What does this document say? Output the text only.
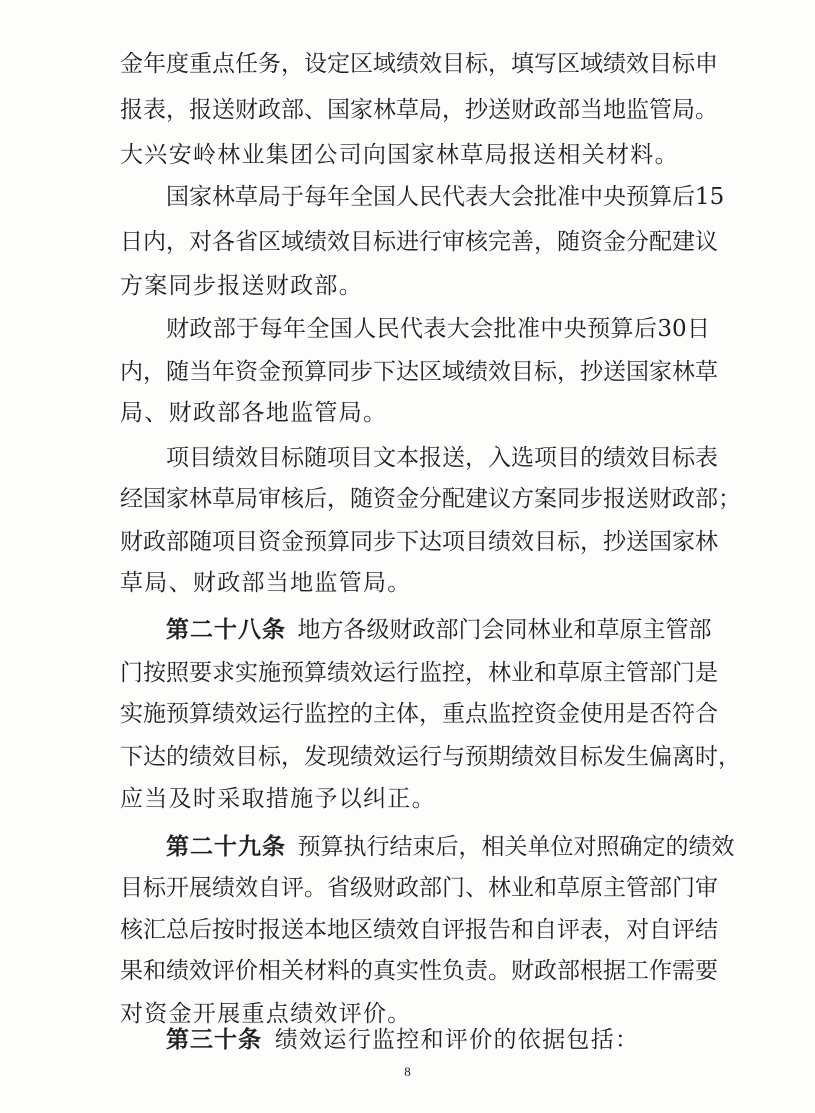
金年度重点任务，设定区域绩效目标，填写区域绩效目标申
报表，报送财政部、国家林草局，抄送财政部当地监管局。
大兴安岭林业集团公司向国家林草局报送相关材料。
国家林草局于每年全国人民代表大会批准中央预算后15
日内，对各省区域绩效目标进行审核完善，随资金分配建议
方案同步报送财政部。
财政部于每年全国人民代表大会批准中央预算后30日
内，随当年资金预算同步下达区域绩效目标，抄送国家林草
局、财政部各地监管局。
项目绩效目标随项目文本报送，入选项目的绩效目标表
经国家林草局审核后，随资金分配建议方案同步报送财政部；
财政部随项目资金预算同步下达项目绩效目标，抄送国家林
草局、财政部当地监管局。
第二十八条  地方各级财政部门会同林业和草原主管部
门按照要求实施预算绩效运行监控，林业和草原主管部门是
实施预算绩效运行监控的主体，重点监控资金使用是否符合
下达的绩效目标，发现绩效运行与预期绩效目标发生偏离时，
应当及时采取措施予以纠正。
第二十九条  预算执行结束后，相关单位对照确定的绩效
目标开展绩效自评。省级财政部门、林业和草原主管部门审
核汇总后按时报送本地区绩效自评报告和自评表，对自评结
果和绩效评价相关材料的真实性负责。财政部根据工作需要
对资金开展重点绩效评价。
第三十条 绩效运行监控和评价的依据包括：
8
